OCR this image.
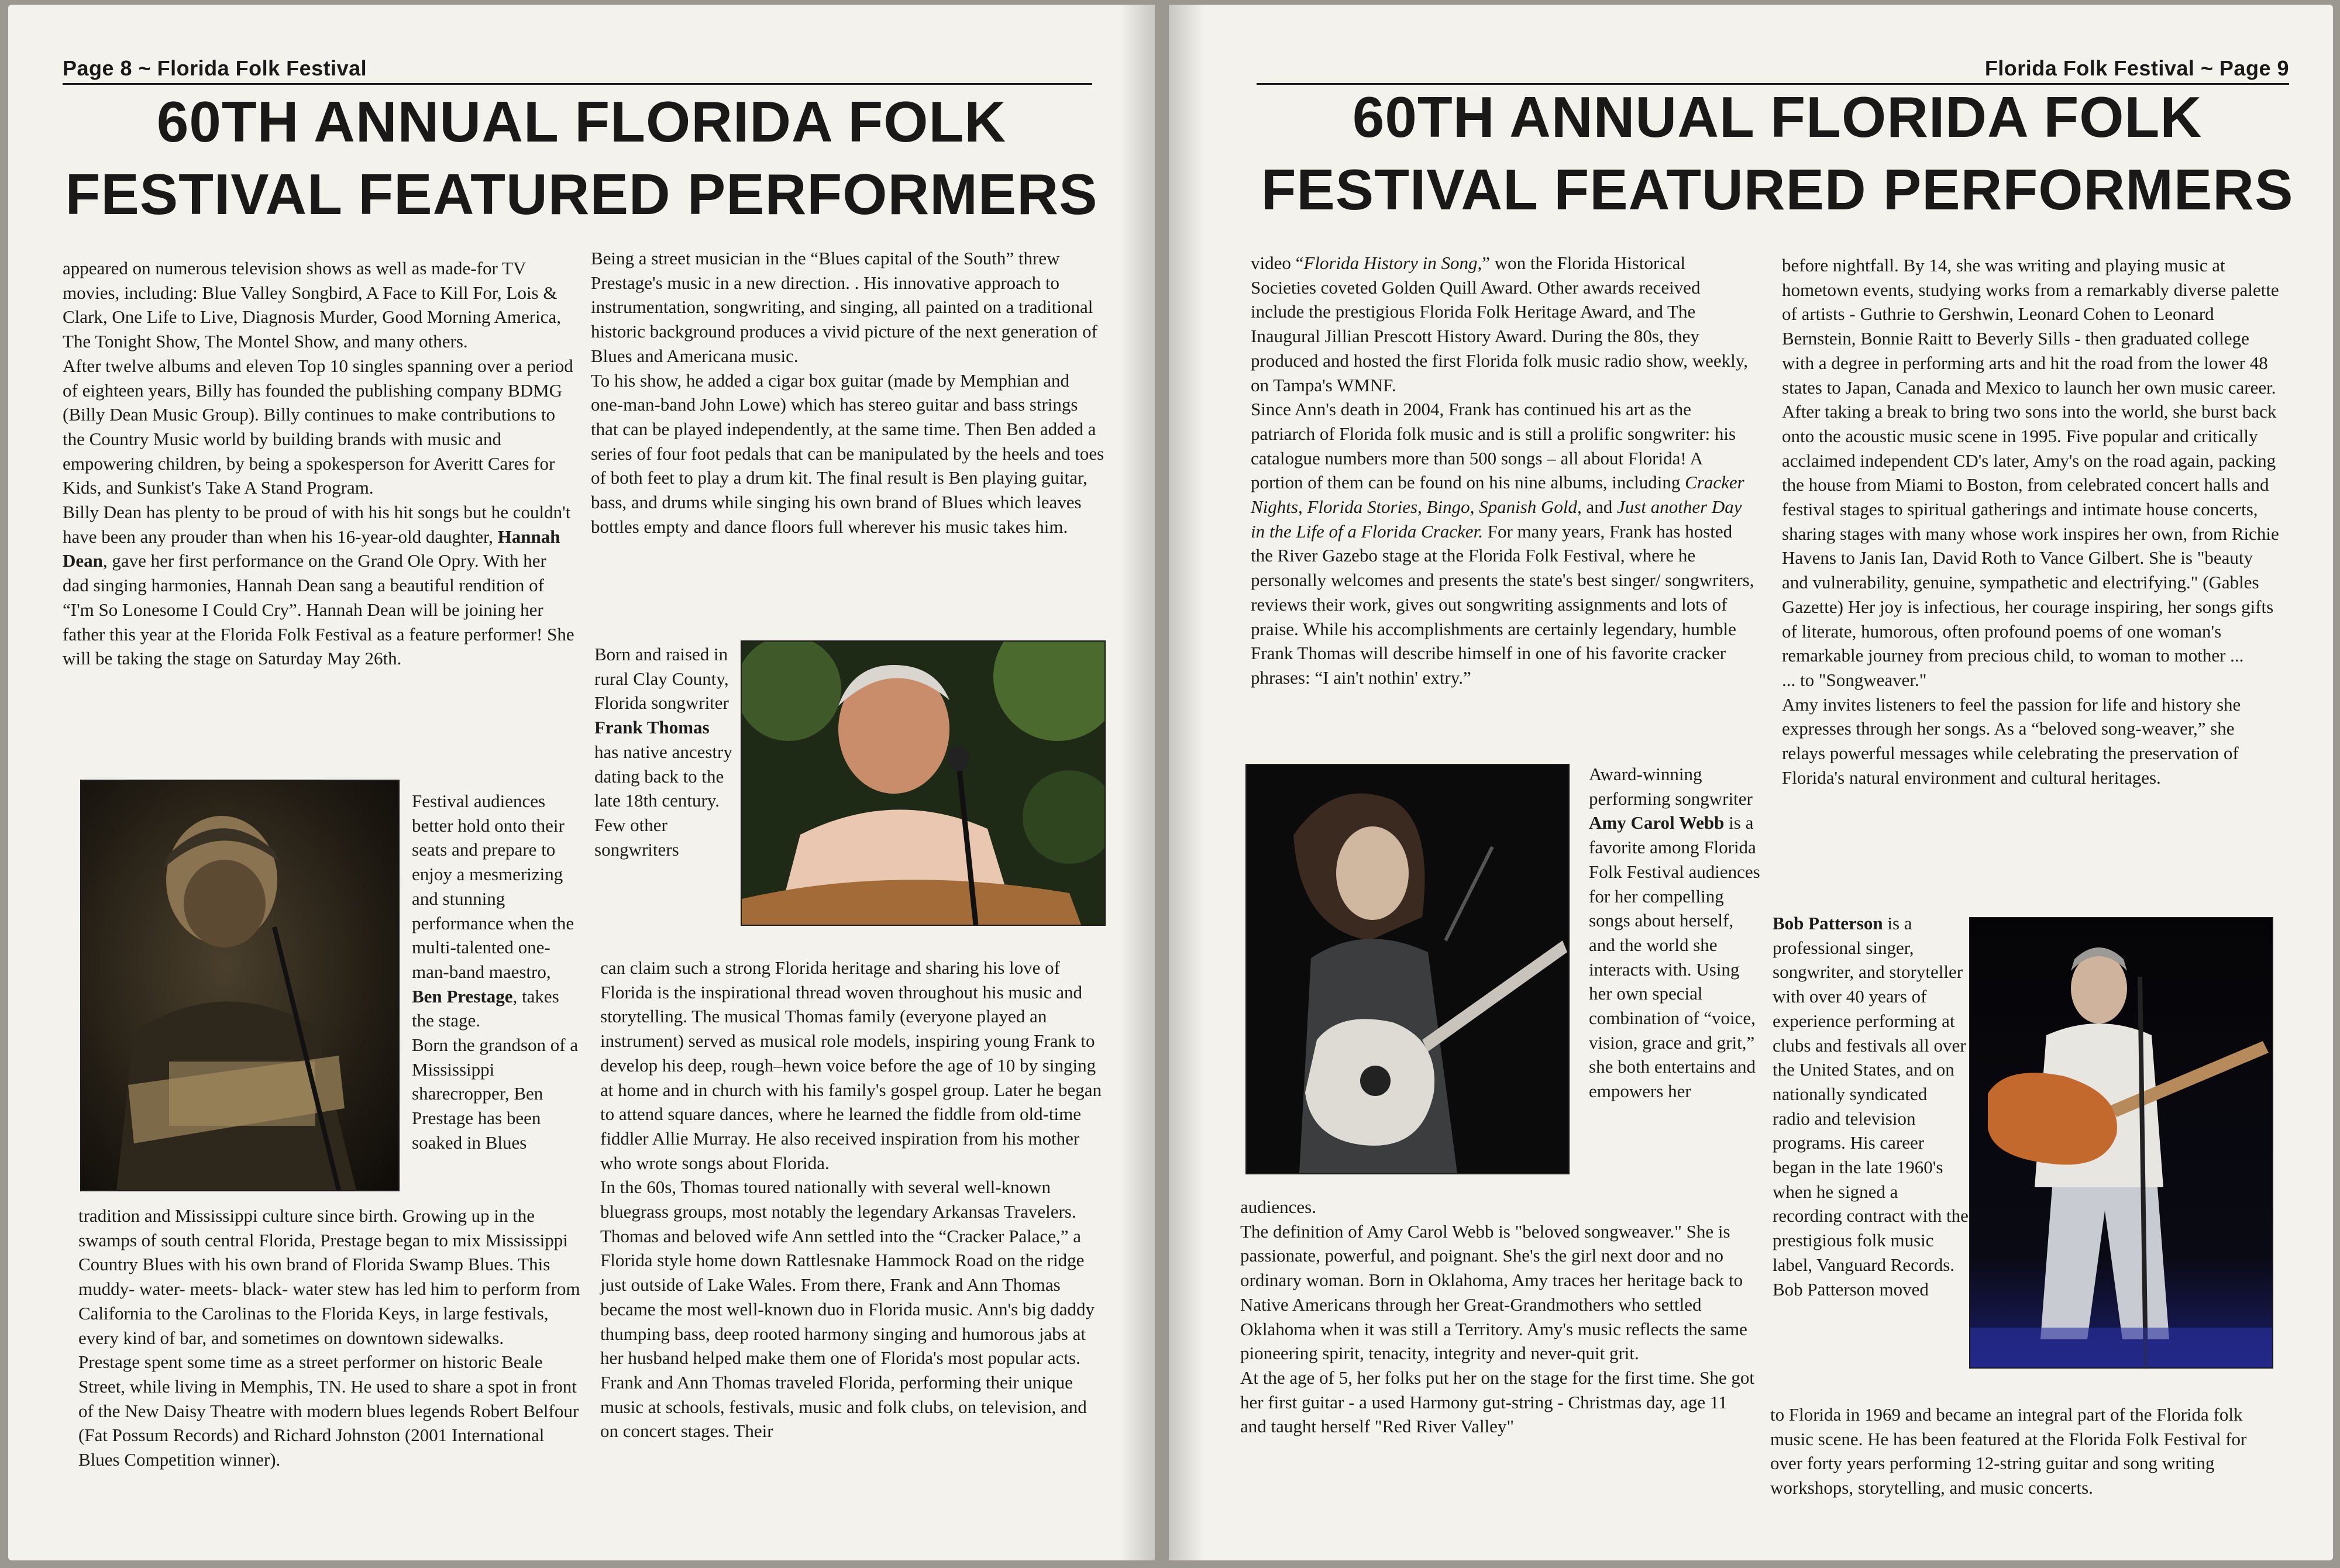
Page 8 ~ Florida Folk Festival
60TH ANNUAL FLORIDA FOLK
FESTIVAL FEATURED PERFORMERS

appeared on numerous television shows as well as made-for TV movies, including: Blue Valley Songbird, A Face to Kill For, Lois & Clark, One Life to Live, Diagnosis Murder, Good Morning America, The Tonight Show, The Montel Show, and many others.

After twelve albums and eleven Top 10 singles spanning over a period of eighteen years, Billy has founded the publishing company BDMG (Billy Dean Music Group). Billy continues to make contributions to the Country Music world by building brands with music and empowering children, by being a spokesperson for Averitt Cares for Kids, and Sunkist's Take A Stand Program.

Billy Dean has plenty to be proud of with his hit songs but he couldn't have been any prouder than when his 16-year-old daughter, Hannah Dean, gave her first performance on the Grand Ole Opry. With her dad singing harmonies, Hannah Dean sang a beautiful rendition of “I'm So Lonesome I Could Cry”. Hannah Dean will be joining her father this year at the Florida Folk Festival as a feature performer! She will be taking the stage on Saturday May 26th.

Festival audiences better hold onto their seats and prepare to enjoy a mesmerizing and stunning performance when the multi-talented one-man-band maestro, Ben Prestage, takes the stage.

Born the grandson of a Mississippi sharecropper, Ben Prestage has been soaked in Blues

tradition and Mississippi culture since birth. Growing up in the swamps of south central Florida, Prestage began to mix Mississippi Country Blues with his own brand of Florida Swamp Blues. This muddy- water- meets- black- water stew has led him to perform from California to the Carolinas to the Florida Keys, in large festivals, every kind of bar, and sometimes on downtown sidewalks.

Prestage spent some time as a street performer on historic Beale Street, while living in Memphis, TN. He used to share a spot in front of the New Daisy Theatre with modern blues legends Robert Belfour (Fat Possum Records) and Richard Johnston (2001 International Blues Competition winner).

Being a street musician in the “Blues capital of the South” threw Prestage's music in a new direction. . His innovative approach to instrumentation, songwriting, and singing, all painted on a traditional historic background produces a vivid picture of the next generation of Blues and Americana music.

To his show, he added a cigar box guitar (made by Memphian and one-man-band John Lowe) which has stereo guitar and bass strings that can be played independently, at the same time. Then Ben added a series of four foot pedals that can be manipulated by the heels and toes of both feet to play a drum kit. The final result is Ben playing guitar, bass, and drums while singing his own brand of Blues which leaves bottles empty and dance floors full wherever his music takes him.

Born and raised in rural Clay County, Florida songwriter Frank Thomas has native ancestry dating back to the late 18th century. Few other songwriters

can claim such a strong Florida heritage and sharing his love of Florida is the inspirational thread woven throughout his music and storytelling. The musical Thomas family (everyone played an instrument) served as musical role models, inspiring young Frank to develop his deep, rough–hewn voice before the age of 10 by singing at home and in church with his family's gospel group. Later he began to attend square dances, where he learned the fiddle from old-time fiddler Allie Murray. He also received inspiration from his mother who wrote songs about Florida.

In the 60s, Thomas toured nationally with several well-known bluegrass groups, most notably the legendary Arkansas Travelers. Thomas and beloved wife Ann settled into the “Cracker Palace,” a Florida style home down Rattlesnake Hammock Road on the ridge just outside of Lake Wales. From there, Frank and Ann Thomas became the most well-known duo in Florida music. Ann's big daddy thumping bass, deep rooted harmony singing and humorous jabs at her husband helped make them one of Florida's most popular acts. Frank and Ann Thomas traveled Florida, performing their unique music at schools, festivals, music and folk clubs, on television, and on concert stages. Their

Florida Folk Festival ~ Page 9
60TH ANNUAL FLORIDA FOLK
FESTIVAL FEATURED PERFORMERS

video “Florida History in Song,” won the Florida Historical Societies coveted Golden Quill Award. Other awards received include the prestigious Florida Folk Heritage Award, and The Inaugural Jillian Prescott History Award. During the 80s, they produced and hosted the first Florida folk music radio show, weekly, on Tampa's WMNF.

Since Ann's death in 2004, Frank has continued his art as the patriarch of Florida folk music and is still a prolific songwriter: his catalogue numbers more than 500 songs – all about Florida! A portion of them can be found on his nine albums, including Cracker Nights, Florida Stories, Bingo, Spanish Gold, and Just another Day in the Life of a Florida Cracker. For many years, Frank has hosted the River Gazebo stage at the Florida Folk Festival, where he personally welcomes and presents the state's best singer/ songwriters, reviews their work, gives out songwriting assignments and lots of praise. While his accomplishments are certainly legendary, humble Frank Thomas will describe himself in one of his favorite cracker phrases: “I ain't nothin' extry.”

Award-winning performing songwriter Amy Carol Webb is a favorite among Florida Folk Festival audiences for her compelling songs about herself, and the world she interacts with. Using her own special combination of “voice, vision, grace and grit,” she both entertains and empowers her

audiences.

The definition of Amy Carol Webb is "beloved songweaver." She is passionate, powerful, and poignant. She's the girl next door and no ordinary woman. Born in Oklahoma, Amy traces her heritage back to Native Americans through her Great-Grandmothers who settled Oklahoma when it was still a Territory. Amy's music reflects the same pioneering spirit, tenacity, integrity and never-quit grit.

At the age of 5, her folks put her on the stage for the first time. She got her first guitar - a used Harmony gut-string - Christmas day, age 11 and taught herself "Red River Valley"

before nightfall. By 14, she was writing and playing music at hometown events, studying works from a remarkably diverse palette of artists - Guthrie to Gershwin, Leonard Cohen to Leonard Bernstein, Bonnie Raitt to Beverly Sills - then graduated college with a degree in performing arts and hit the road from the lower 48 states to Japan, Canada and Mexico to launch her own music career. After taking a break to bring two sons into the world, she burst back onto the acoustic music scene in 1995. Five popular and critically acclaimed independent CD's later, Amy's on the road again, packing the house from Miami to Boston, from celebrated concert halls and festival stages to spiritual gatherings and intimate house concerts, sharing stages with many whose work inspires her own, from Richie Havens to Janis Ian, David Roth to Vance Gilbert. She is "beauty and vulnerability, genuine, sympathetic and electrifying." (Gables Gazette) Her joy is infectious, her courage inspiring, her songs gifts of literate, humorous, often profound poems of one woman's remarkable journey from precious child, to woman to mother ...

... to "Songweaver."

Amy invites listeners to feel the passion for life and history she expresses through her songs. As a “beloved song-weaver,” she relays powerful messages while celebrating the preservation of Florida's natural environment and cultural heritages.

Bob Patterson is a professional singer, songwriter, and storyteller with over 40 years of experience performing at clubs and festivals all over the United States, and on nationally syndicated radio and television programs. His career began in the late 1960's when he signed a recording contract with the prestigious folk music label, Vanguard Records.

Bob Patterson moved

to Florida in 1969 and became an integral part of the Florida folk music scene. He has been featured at the Florida Folk Festival for over forty years performing 12-string guitar and song writing workshops, storytelling, and music concerts.
